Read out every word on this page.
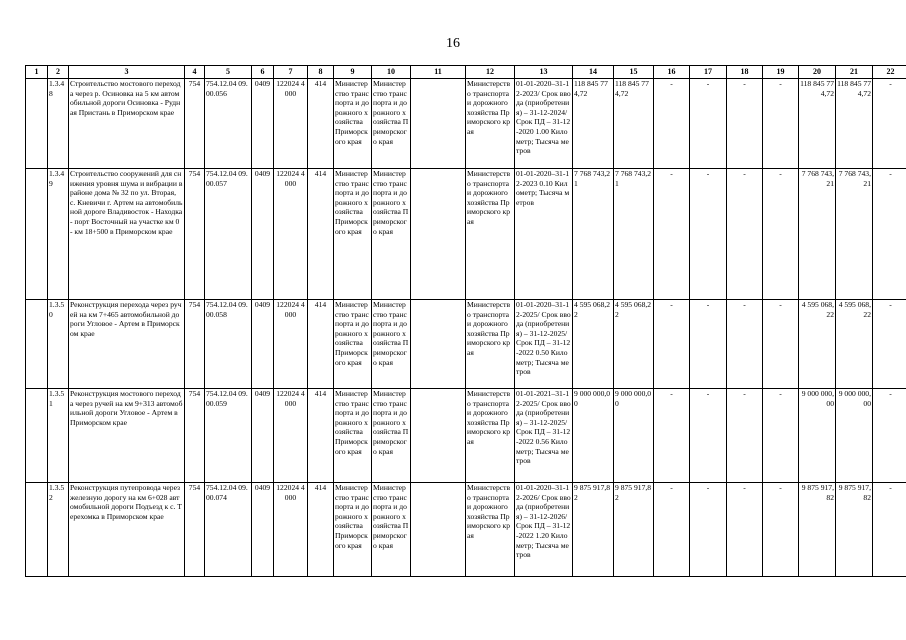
16
1	2	3	4	5	6	7	8	9	10	11	12	13	14	15	16	17	18	19	20	21	22
	1.3.48	Строительство мостового перехода через р. Осиновка на 5 км автомобильной дороги Осиновка - Рудная Пристань в Приморском крае	754	754.12.04 09.00.056	0409	122024 4000	414	Министерство транспорта и дорожного хозяйства Приморского края	Министерство транспорта и дорожного хозяйства Приморского края		Министерство транспорта и дорожного хозяйства Приморского края	01-01-2020–31-12-2023/ Срок ввода (приобретения) – 31-12-2024/ Срок ПД – 31-12-2020 1.00 Километр; Тысяча метров	118 845 774,72	118 845 774,72	-	-	-	-	118 845 774,72	118 845 774,72	-
	1.3.49	Строительство сооружений для снижения уровня шума и вибрации в районе дома № 32 по ул. Вторая, с. Кневичи г. Артем на автомобильной дороге Владивосток - Находка - порт Восточный на участке км 0 - км 18+500 в Приморском крае	754	754.12.04 09.00.057	0409	122024 4000	414	Министерство транспорта и дорожного хозяйства Приморского края	Министерство транспорта и дорожного хозяйства Приморского края		Министерство транспорта и дорожного хозяйства Приморского края	01-01-2020–31-12-2023 0.10 Километр; Тысяча метров	7 768 743,21	7 768 743,21	-	-	-	-	7 768 743,21	7 768 743,21	-
	1.3.50	Реконструкция перехода через ручей на км 7+465 автомобильной дороги Угловое - Артем в Приморском крае	754	754.12.04 09.00.058	0409	122024 4000	414	Министерство транспорта и дорожного хозяйства Приморского края	Министерство транспорта и дорожного хозяйства Приморского края		Министерство транспорта и дорожного хозяйства Приморского края	01-01-2020–31-12-2025/ Срок ввода (приобретения) – 31-12-2025/ Срок ПД – 31-12-2022 0.50 Километр; Тысяча метров	4 595 068,22	4 595 068,22	-	-	-	-	4 595 068,22	4 595 068,22	-
	1.3.51	Реконструкция мостового перехода через ручей на км 9+313 автомобильной дороги Угловое - Артем в Приморском крае	754	754.12.04 09.00.059	0409	122024 4000	414	Министерство транспорта и дорожного хозяйства Приморского края	Министерство транспорта и дорожного хозяйства Приморского края		Министерство транспорта и дорожного хозяйства Приморского края	01-01-2021–31-12-2025/ Срок ввода (приобретения) – 31-12-2025/ Срок ПД – 31-12-2022 0.56 Километр; Тысяча метров	9 000 000,00	9 000 000,00	-	-	-	-	9 000 000,00	9 000 000,00	-
	1.3.52	Реконструкция путепровода через железную дорогу на км 6+028 автомобильной дороги Подъезд к с. Терехомка в Приморском крае	754	754.12.04 09.00.074	0409	122024 4000	414	Министерство транспорта и дорожного хозяйства Приморского края	Министерство транспорта и дорожного хозяйства Приморского края		Министерство транспорта и дорожного хозяйства Приморского края	01-01-2020–31-12-2026/ Срок ввода (приобретения) – 31-12-2026/ Срок ПД – 31-12-2022 1.20 Километр; Тысяча метров	9 875 917,82	9 875 917,82	-	-	-	-	9 875 917,82	9 875 917,82	-
